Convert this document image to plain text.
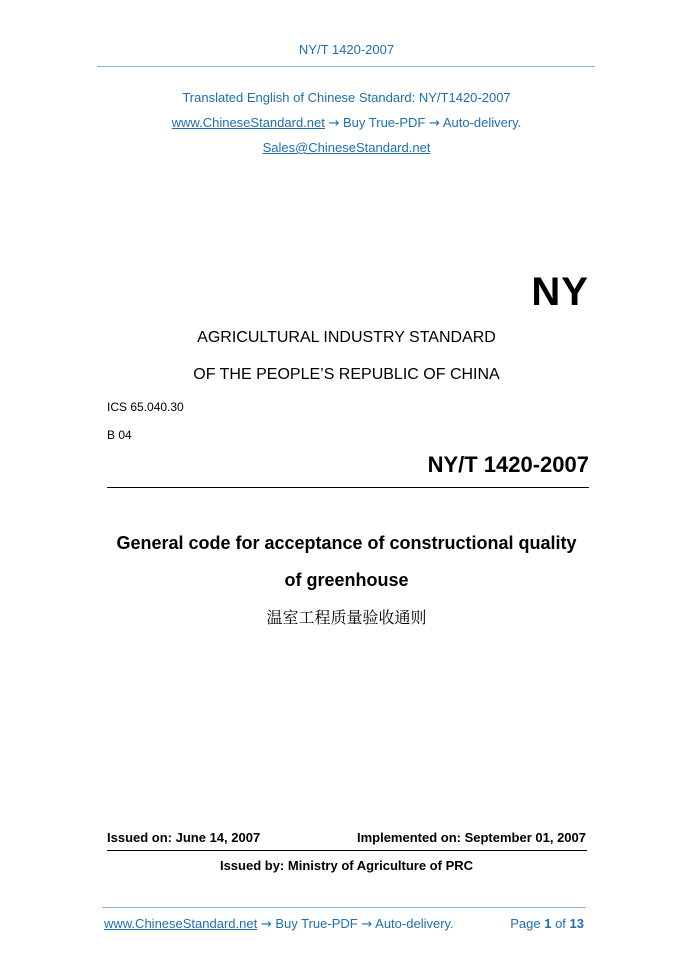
NY/T 1420-2007
Translated English of Chinese Standard: NY/T1420-2007
www.ChineseStandard.net → Buy True-PDF → Auto-delivery.
Sales@ChineseStandard.net
NY
AGRICULTURAL INDUSTRY STANDARD
OF THE PEOPLE’S REPUBLIC OF CHINA
ICS 65.040.30
B 04
NY/T 1420-2007
General code for acceptance of constructional quality
of greenhouse
温室工程质量验收通则
Issued on: June 14, 2007	Implemented on: September 01, 2007
Issued by: Ministry of Agriculture of PRC
www.ChineseStandard.net → Buy True-PDF → Auto-delivery.	Page 1 of 13
